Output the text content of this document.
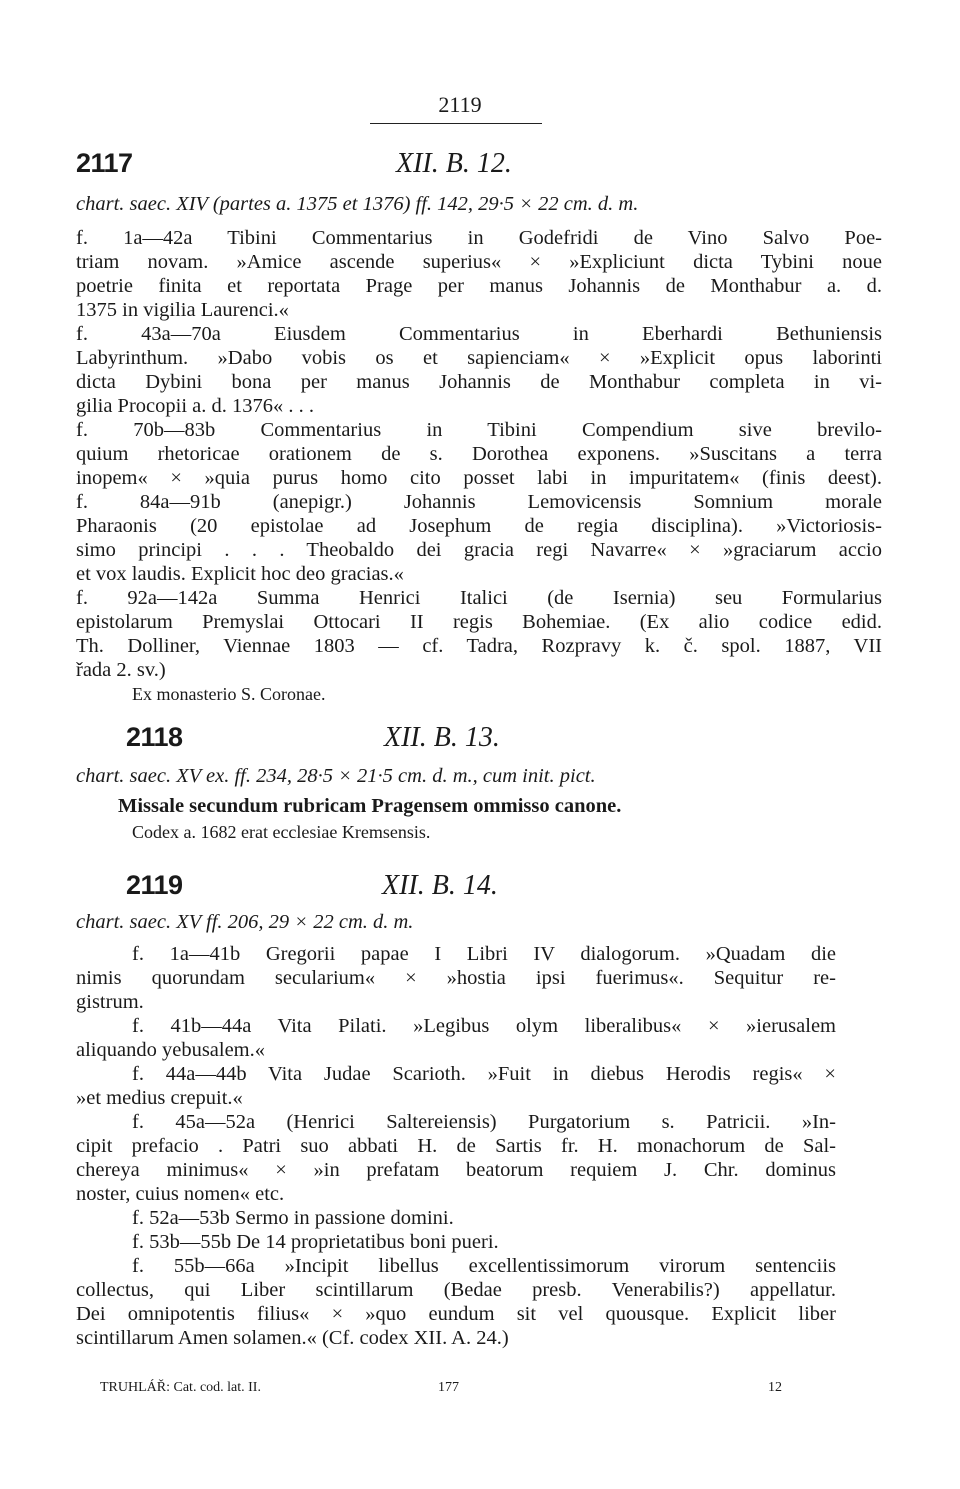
2119
2117	XII. B. 12.
chart. saec. XIV (partes a. 1375 et 1376) ff. 142, 29·5 × 22 cm. d. m.
f. 1a—42a Tibini Commentarius in Godefridi de Vino Salvo Poe-
triam novam. »Amice ascende superius« × »Expliciunt dicta Tybini noue
poetrie finita et reportata Prage per manus Johannis de Monthabur a. d.
1375 in vigilia Laurenci.«
f. 43a—70a Eiusdem Commentarius in Eberhardi Bethuniensis
Labyrinthum. »Dabo vobis os et sapienciam« × »Explicit opus laborinti
dicta Dybini bona per manus Johannis de Monthabur completa in vi-
gilia Procopii a. d. 1376« . . .
f. 70b—83b Commentarius in Tibini Compendium sive brevilo-
quium rhetoricae orationem de s. Dorothea exponens. »Suscitans a terra
inopem« × »quia purus homo cito posset labi in impuritatem« (finis deest).
f. 84a—91b (anepigr.) Johannis Lemovicensis Somnium morale
Pharaonis (20 epistolae ad Josephum de regia disciplina). »Victoriosis-
simo principi . . . Theobaldo dei gracia regi Navarre« × »graciarum accio
et vox laudis. Explicit hoc deo gracias.«
f. 92a—142a Summa Henrici Italici (de Isernia) seu Formularius
epistolarum Premyslai Ottocari II regis Bohemiae. (Ex alio codice edid.
Th. Dolliner, Viennae 1803 — cf. Tadra, Rozpravy k. č. spol. 1887, VII
řada 2. sv.)
Ex monasterio S. Coronae.
2118	XII. B. 13.
chart. saec. XV ex. ff. 234, 28·5 × 21·5 cm. d. m., cum init. pict.
Missale secundum rubricam Pragensem ommisso canone.
Codex a. 1682 erat ecclesiae Kremsensis.
2119	XII. B. 14.
chart. saec. XV ff. 206, 29 × 22 cm. d. m.
f. 1a—41b Gregorii papae I Libri IV dialogorum. »Quadam die
nimis quorundam secularium« × »hostia ipsi fuerimus«. Sequitur re-
gistrum.
f. 41b—44a Vita Pilati. »Legibus olym liberalibus« × »ierusalem
aliquando yebusalem.«
f. 44a—44b Vita Judae Scarioth. »Fuit in diebus Herodis regis« ×
»et medius crepuit.«
f. 45a—52a (Henrici Saltereiensis) Purgatorium s. Patricii. »In-
cipit prefacio . Patri suo abbati H. de Sartis fr. H. monachorum de Sal-
chereya minimus« × »in prefatam beatorum requiem J. Chr. dominus
noster, cuius nomen« etc.
f. 52a—53b Sermo in passione domini.
f. 53b—55b De 14 proprietatibus boni pueri.
f. 55b—66a »Incipit libellus excellentissimorum virorum sentenciis
collectus, qui Liber scintillarum (Bedae presb. Venerabilis?) appellatur.
Dei omnipotentis filius« × »quo eundum sit vel quousque. Explicit liber
scintillarum Amen solamen.« (Cf. codex XII. A. 24.)
TRUHLÁŘ: Cat. cod. lat. II.	177	12
